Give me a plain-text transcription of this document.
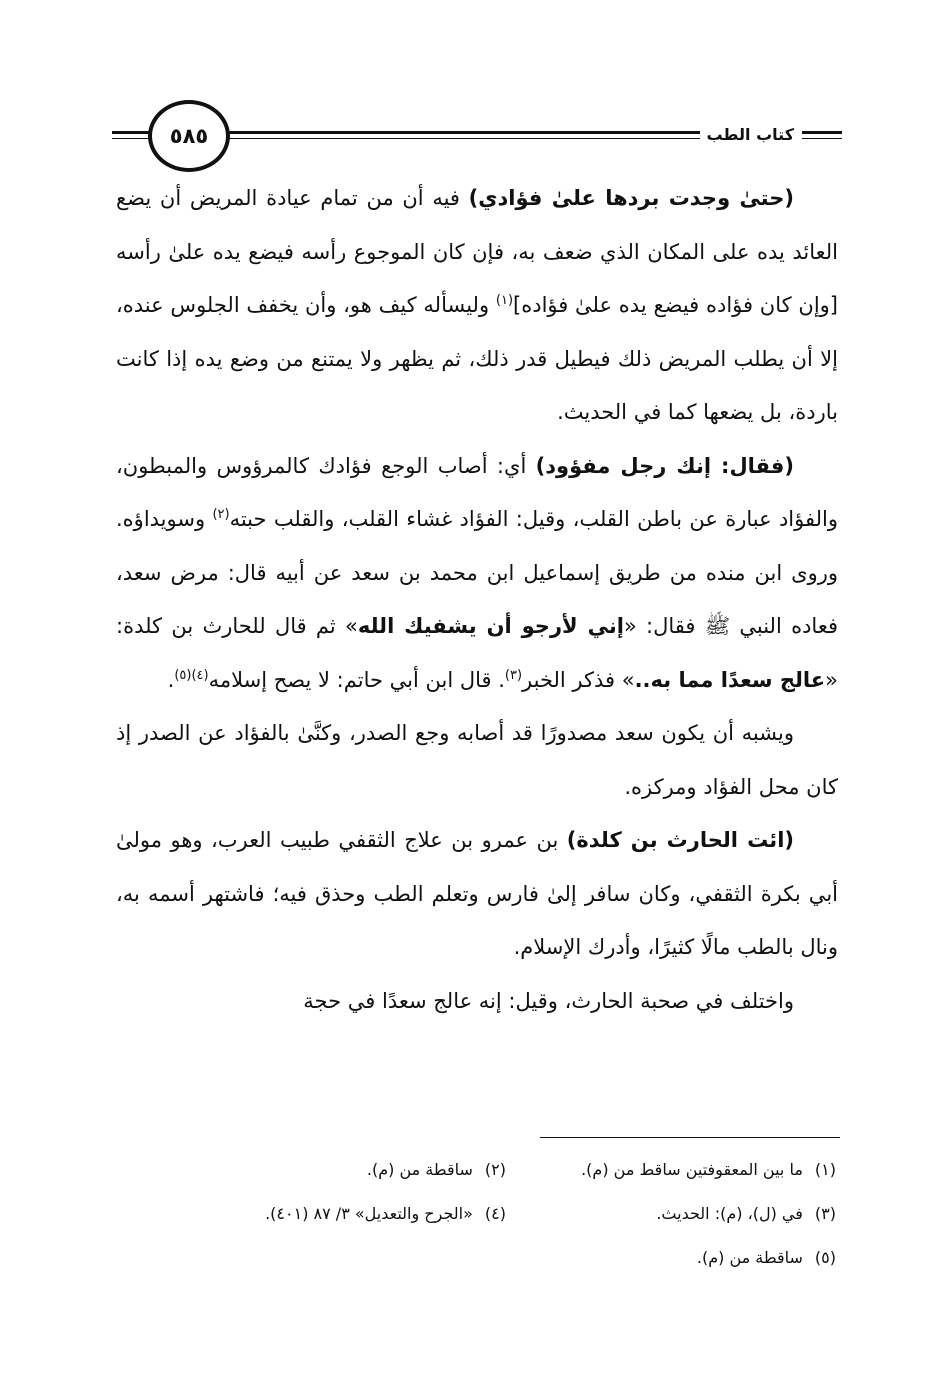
كتاب الطب
٥٨٥

(حتىٰ وجدت بردها علىٰ فؤادي) فيه أن من تمام عيادة المريض أن يضع العائد يده على المكان الذي ضعف به، فإن كان الموجوع رأسه فيضع يده علىٰ رأسه [وإن كان فؤاده فيضع يده علىٰ فؤاده]$^{(١)}$ وليسأله كيف هو، وأن يخفف الجلوس عنده، إلا أن يطلب المريض ذلك فيطيل قدر ذلك، ثم يظهر ولا يمتنع من وضع يده إذا كانت باردة، بل يضعها كما في الحديث.

(فقال: إنك رجل مفؤود) أي: أصاب الوجع فؤادك كالمرؤوس والمبطون، والفؤاد عبارة عن باطن القلب، وقيل: الفؤاد غشاء القلب، والقلب حبته$^{(٢)}$ وسويداؤه. وروى ابن منده من طريق إسماعيل ابن محمد بن سعد عن أبيه قال: مرض سعد، فعاده النبي ﷺ فقال: «إني لأرجو أن يشفيك الله» ثم قال للحارث بن كلدة: «عالج سعدًا مما به..» فذكر الخبر$^{(٣)}$. قال ابن أبي حاتم: لا يصح إسلامه$^{(٤)(٥)}$.

ويشبه أن يكون سعد مصدورًا قد أصابه وجع الصدر، وكنَّىٰ بالفؤاد عن الصدر إذ كان محل الفؤاد ومركزه.

(ائت الحارث بن كلدة) بن عمرو بن علاج الثقفي طبيب العرب، وهو مولىٰ أبي بكرة الثقفي، وكان سافر إلىٰ فارس وتعلم الطب وحذق فيه؛ فاشتهر أسمه به، ونال بالطب مالًا كثيرًا، وأدرك الإسلام.

واختلف في صحبة الحارث، وقيل: إنه عالج سعدًا في حجة

(١)ما بين المعقوفتين ساقط من (م).
(٢)ساقطة من (م).
(٣)في (ل)، (م): الحديث.
(٤)«الجرح والتعديل» ٣/ ٨٧ (٤٠١).
(٥)ساقطة من (م).
